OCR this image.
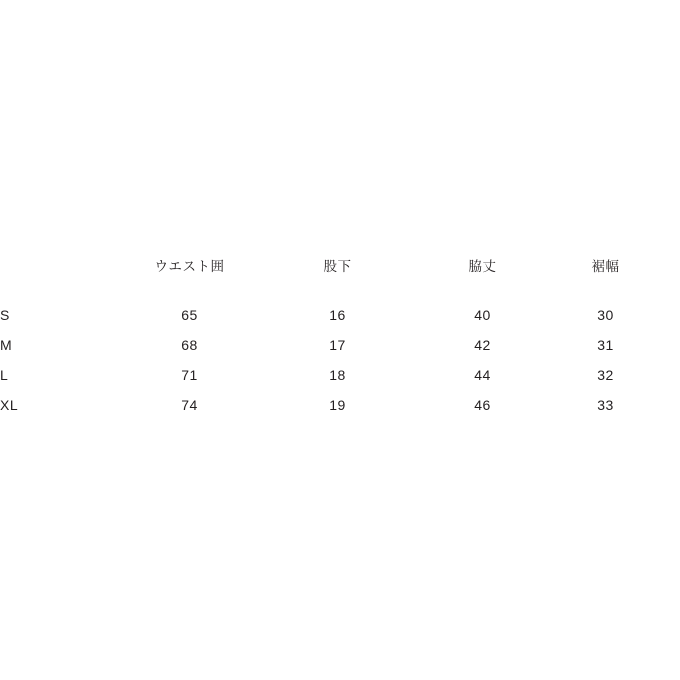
	ウエスト囲	股下	脇丈	裾幅

S	65	16	40	30
M	68	17	42	31
L	71	18	44	32
XL	74	19	46	33
